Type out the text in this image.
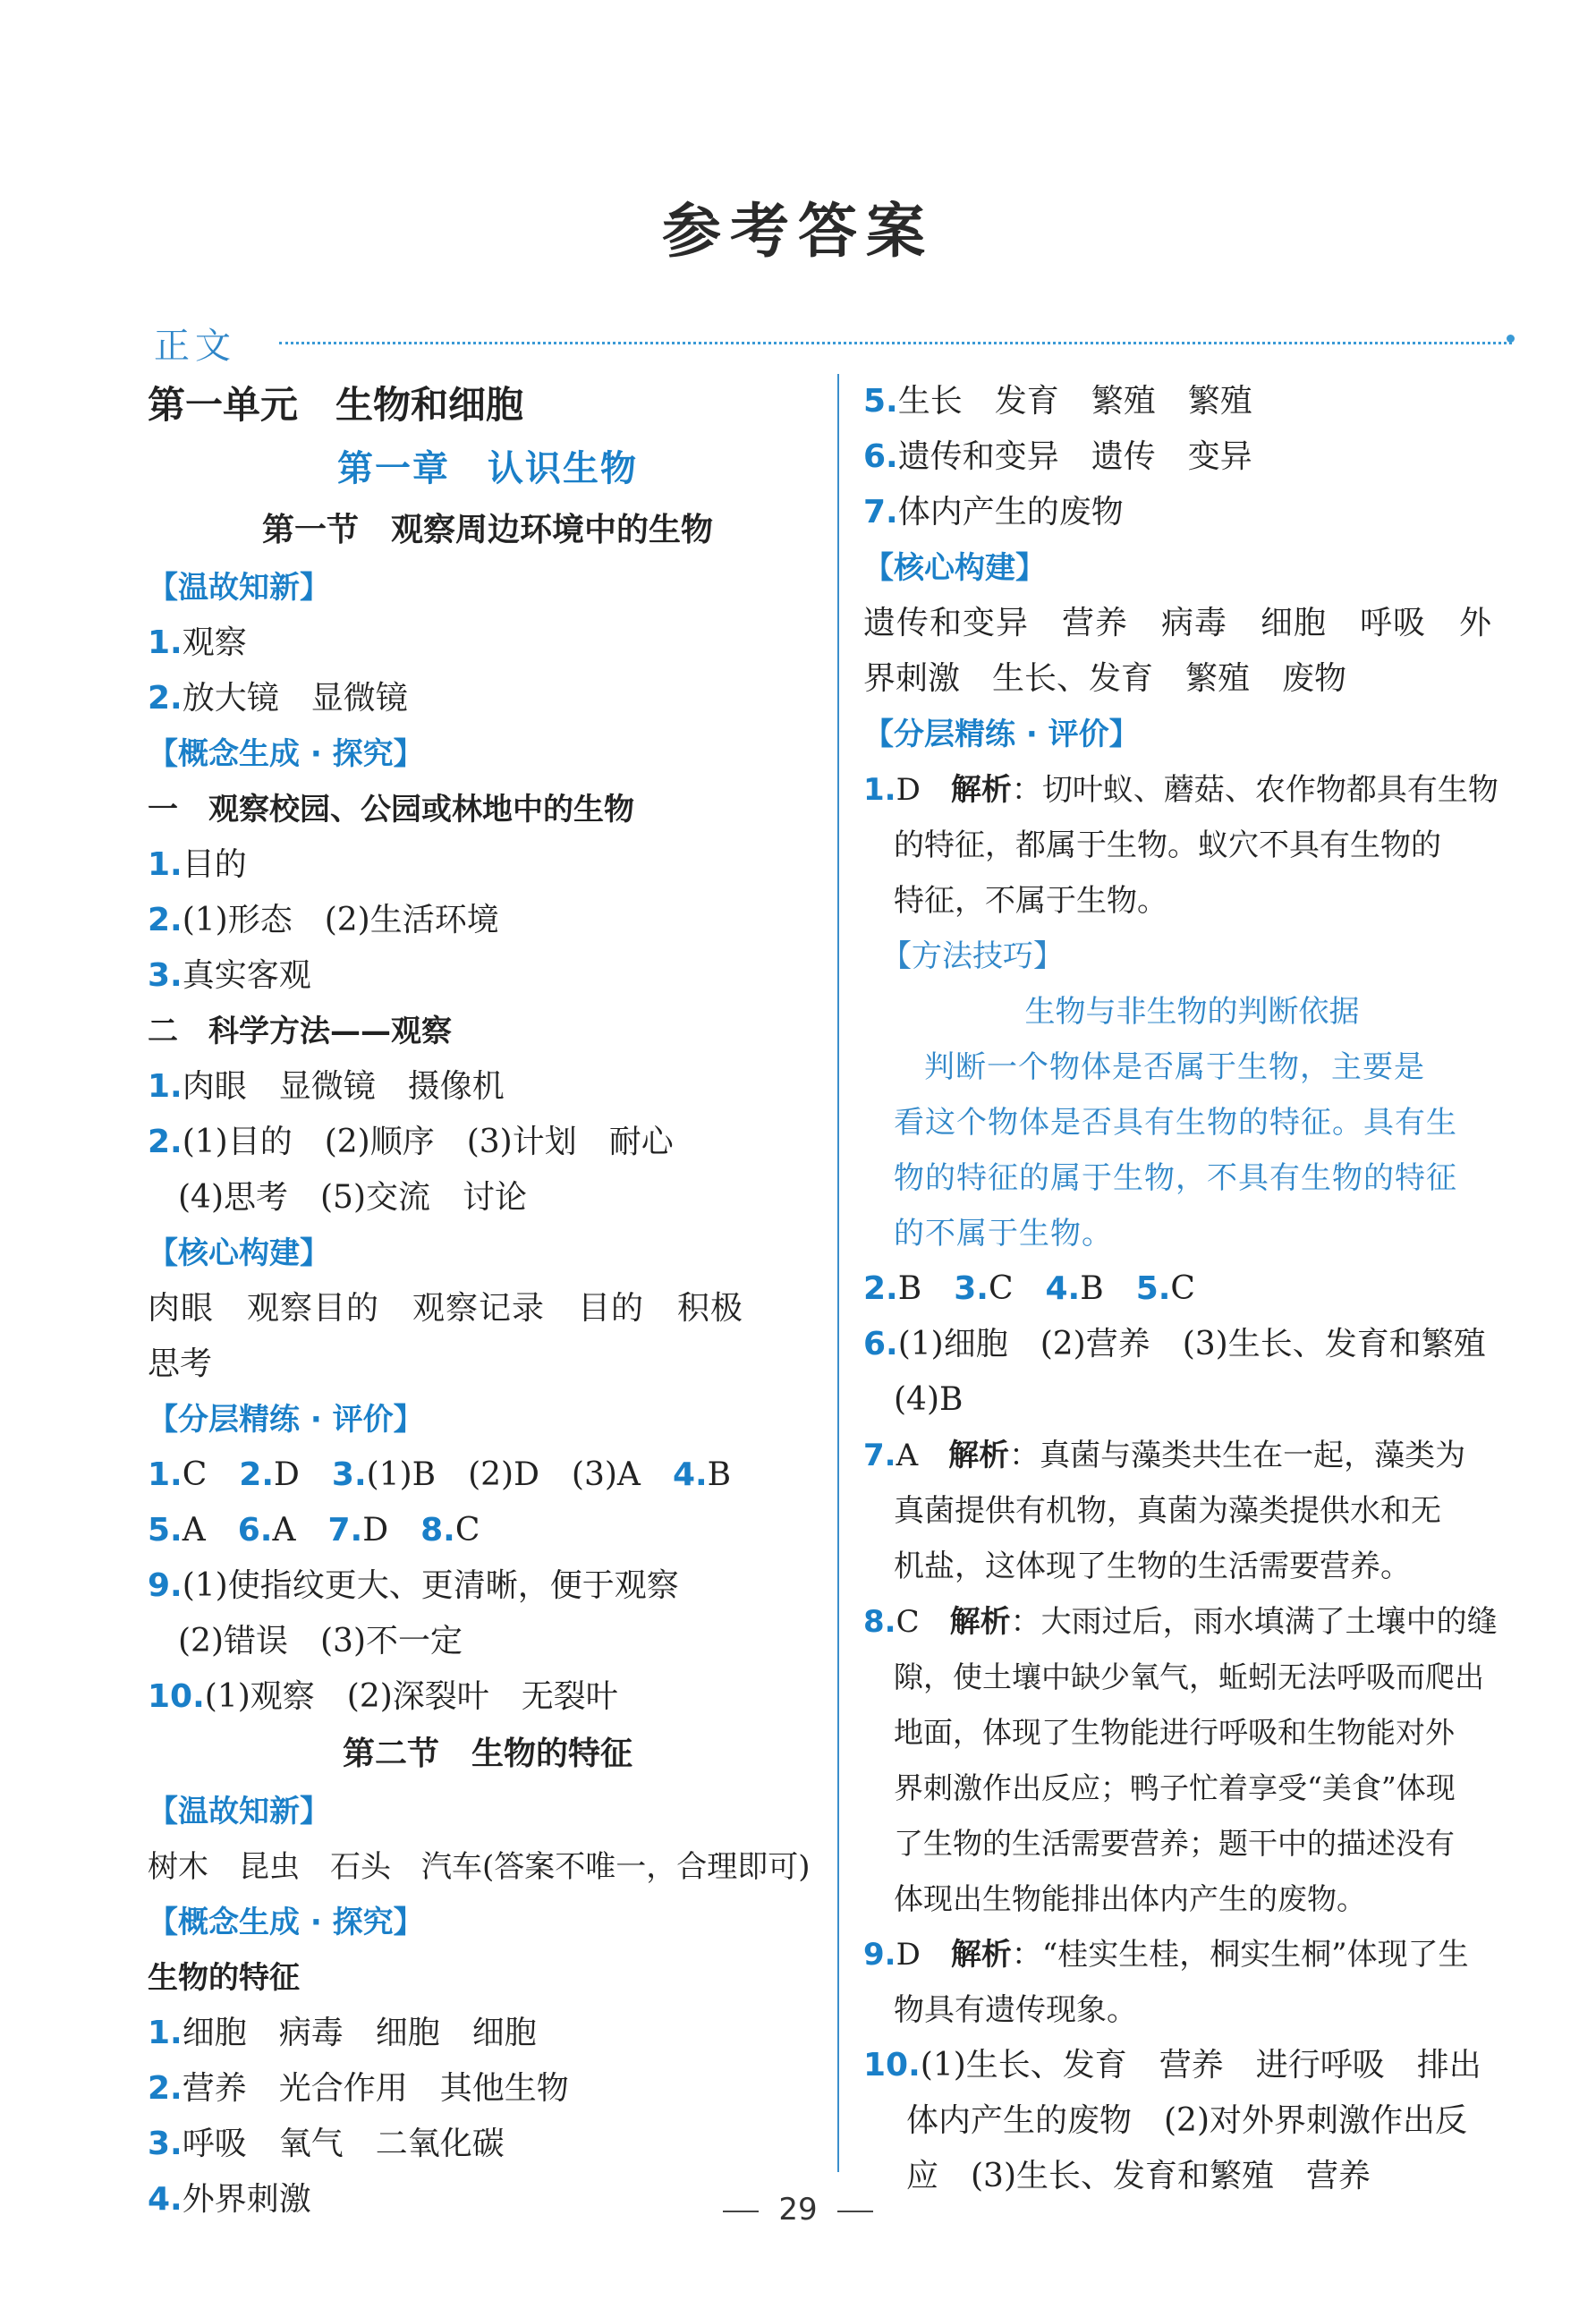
参考答案
正文
第一单元　生物和细胞
第一章　认识生物
第一节　观察周边环境中的生物
【温故知新】
1.观察
2.放大镜　显微镜
【概念生成 · 探究】
一　观察校园、公园或林地中的生物
1.目的
2.(1)形态　(2)生活环境
3.真实客观
二　科学方法——观察
1.肉眼　显微镜　摄像机
2.(1)目的　(2)顺序　(3)计划　耐心
(4)思考　(5)交流　讨论
【核心构建】
肉眼　观察目的　观察记录　目的　积极
思考
【分层精练 · 评价】
1.C　2.D　3.(1)B　(2)D　(3)A　4.B
5.A　6.A　7.D　8.C
9.(1)使指纹更大、更清晰，便于观察
(2)错误　(3)不一定
10.(1)观察　(2)深裂叶　无裂叶
第二节　生物的特征
【温故知新】
树木　昆虫　石头　汽车(答案不唯一，合理即可)
【概念生成 · 探究】
生物的特征
1.细胞　病毒　细胞　细胞
2.营养　光合作用　其他生物
3.呼吸　氧气　二氧化碳
4.外界刺激
5.生长　发育　繁殖　繁殖
6.遗传和变异　遗传　变异
7.体内产生的废物
【核心构建】
遗传和变异　营养　病毒　细胞　呼吸　外
界刺激　生长、发育　繁殖　废物
【分层精练 · 评价】
1.D　解析：切叶蚁、蘑菇、农作物都具有生物
的特征，都属于生物。蚁穴不具有生物的
特征，不属于生物。
【方法技巧】
生物与非生物的判断依据
判断一个物体是否属于生物，主要是
看这个物体是否具有生物的特征。具有生
物的特征的属于生物，不具有生物的特征
的不属于生物。
2.B　3.C　4.B　5.C
6.(1)细胞　(2)营养　(3)生长、发育和繁殖
(4)B
7.A　解析：真菌与藻类共生在一起，藻类为
真菌提供有机物，真菌为藻类提供水和无
机盐，这体现了生物的生活需要营养。
8.C　解析：大雨过后，雨水填满了土壤中的缝
隙，使土壤中缺少氧气，蚯蚓无法呼吸而爬出
地面，体现了生物能进行呼吸和生物能对外
界刺激作出反应；鸭子忙着享受“美食”体现
了生物的生活需要营养；题干中的描述没有
体现出生物能排出体内产生的废物。
9.D　解析：“桂实生桂，桐实生桐”体现了生
物具有遗传现象。
10.(1)生长、发育　营养　进行呼吸　排出
体内产生的废物　(2)对外界刺激作出反
应　(3)生长、发育和繁殖　营养
29
